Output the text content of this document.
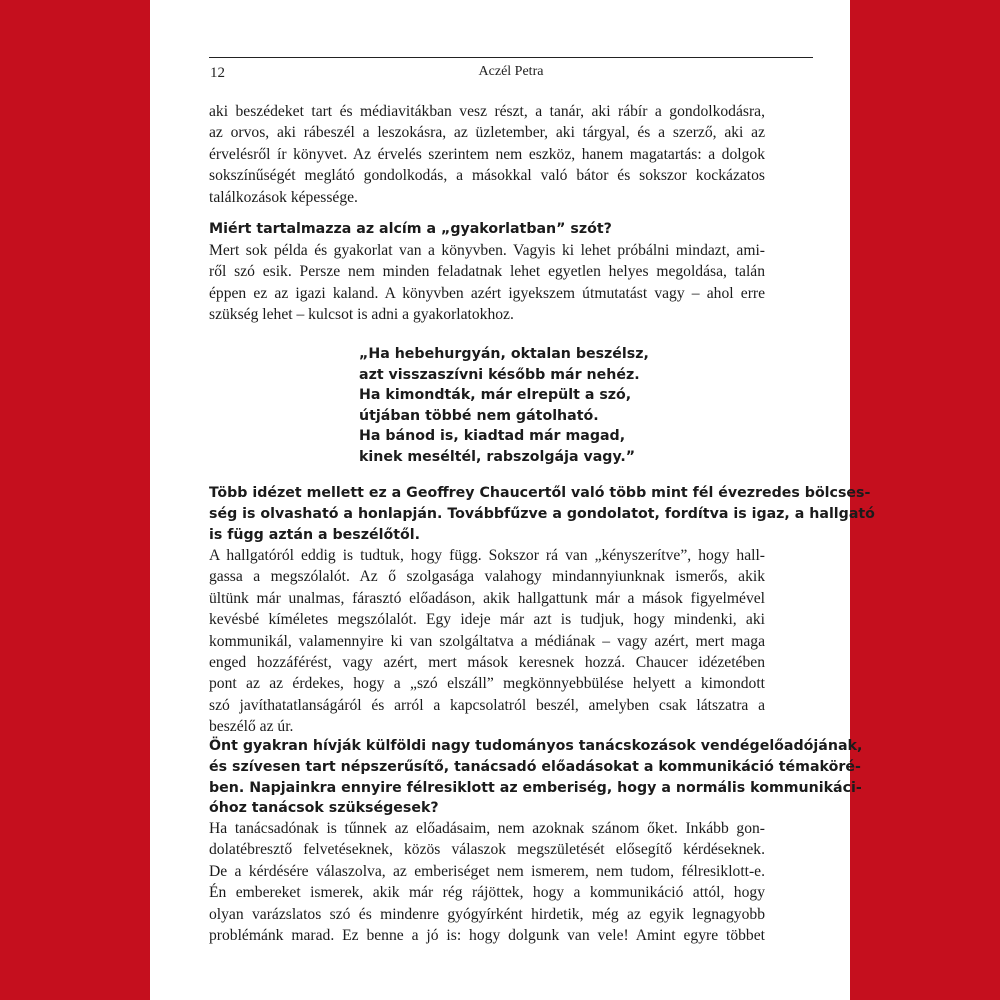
12	Aczél Petra
aki beszédeket tart és médiavitákban vesz részt, a tanár, aki rábír a gondolkodásra,
az orvos, aki rábeszél a leszokásra, az üzletember, aki tárgyal, és a szerző, aki az
érvelésről ír könyvet. Az érvelés szerintem nem eszköz, hanem magatartás: a dolgok
sokszínűségét meglátó gondolkodás, a másokkal való bátor és sokszor kockázatos
találkozások képessége.
Miért tartalmazza az alcím a „gyakorlatban” szót?
Mert sok példa és gyakorlat van a könyvben. Vagyis ki lehet próbálni mindazt, ami-
ről szó esik. Persze nem minden feladatnak lehet egyetlen helyes megoldása, talán
éppen ez az igazi kaland. A könyvben azért igyekszem útmutatást vagy – ahol erre
szükség lehet – kulcsot is adni a gyakorlatokhoz.
„Ha hebehurgyán, oktalan beszélsz,
azt visszaszívni később már nehéz.
Ha kimondták, már elrepült a szó,
útjában többé nem gátolható.
Ha bánod is, kiadtad már magad,
kinek meséltél, rabszolgája vagy.”
Több idézet mellett ez a Geoffrey Chaucertől való több mint fél évezredes bölcses-
ség is olvasható a honlapján. Továbbfűzve a gondolatot, fordítva is igaz, a hallgató
is függ aztán a beszélőtől.
A hallgatóról eddig is tudtuk, hogy függ. Sokszor rá van „kényszerítve”, hogy hall-
gassa a megszólalót. Az ő szolgasága valahogy mindannyiunknak ismerős, akik
ültünk már unalmas, fárasztó előadáson, akik hallgattunk már a mások figyelmével
kevésbé kíméletes megszólalót. Egy ideje már azt is tudjuk, hogy mindenki, aki
kommunikál, valamennyire ki van szolgáltatva a médiának – vagy azért, mert maga
enged hozzáférést, vagy azért, mert mások keresnek hozzá. Chaucer idézetében
pont az az érdekes, hogy a „szó elszáll” megkönnyebbülése helyett a kimondott
szó javíthatatlanságáról és arról a kapcsolatról beszél, amelyben csak látszatra a
beszélő az úr.
Önt gyakran hívják külföldi nagy tudományos tanácskozások vendégelőadójának,
és szívesen tart népszerűsítő, tanácsadó előadásokat a kommunikáció témaköré-
ben. Napjainkra ennyire félresiklott az emberiség, hogy a normális kommunikáci-
óhoz tanácsok szükségesek?
Ha tanácsadónak is tűnnek az előadásaim, nem azoknak szánom őket. Inkább gon-
dolatébresztő felvetéseknek, közös válaszok megszületését elősegítő kérdéseknek.
De a kérdésére válaszolva, az emberiséget nem ismerem, nem tudom, félresiklott-e.
Én embereket ismerek, akik már rég rájöttek, hogy a kommunikáció attól, hogy
olyan varázslatos szó és mindenre gyógyírként hirdetik, még az egyik legnagyobb
problémánk marad. Ez benne a jó is: hogy dolgunk van vele! Amint egyre többet
